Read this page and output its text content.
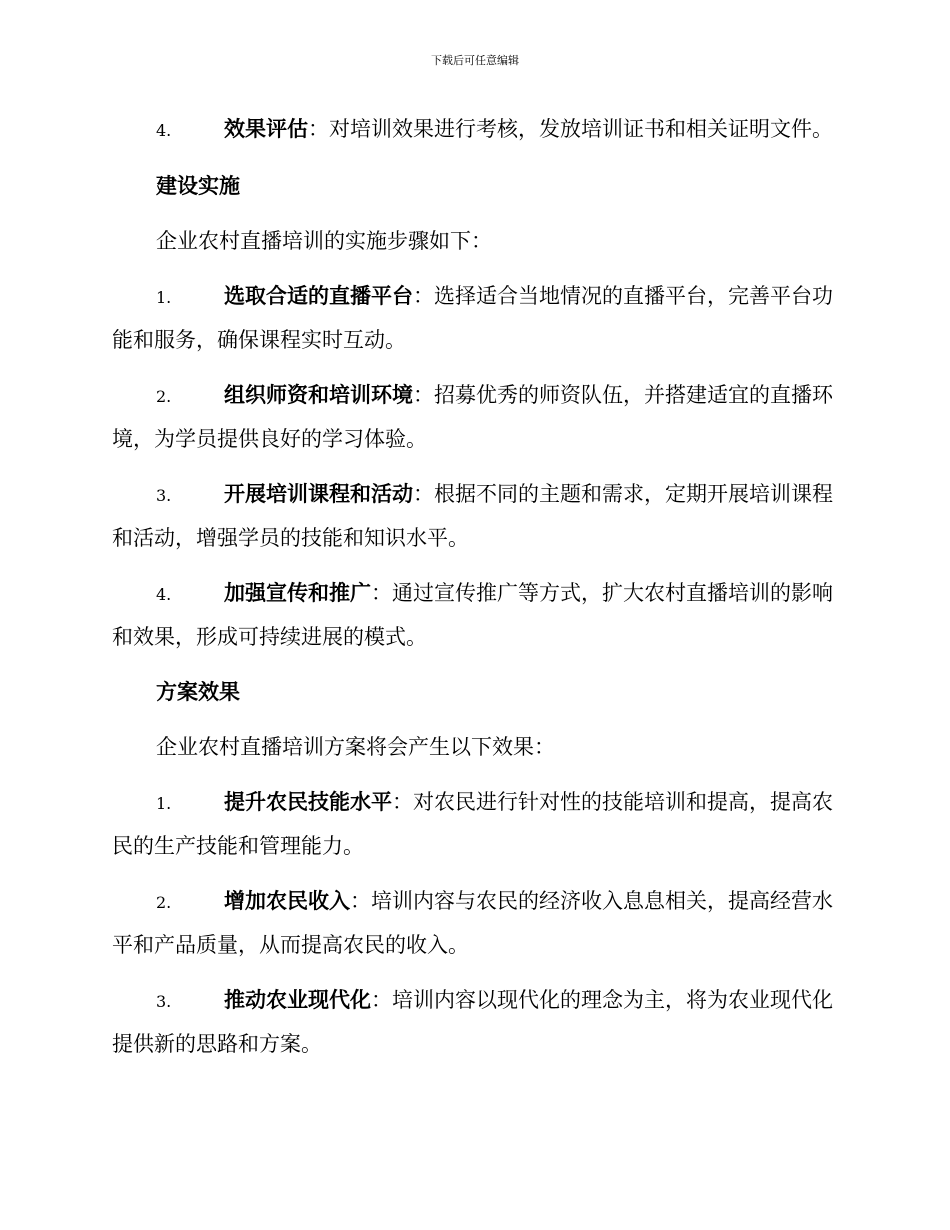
下载后可任意编辑
4.	效果评估：对培训效果进行考核，发放培训证书和相关证明文件。
建设实施
企业农村直播培训的实施步骤如下：
1.	选取合适的直播平台：选择适合当地情况的直播平台，完善平台功能和服务，确保课程实时互动。
2.	组织师资和培训环境：招募优秀的师资队伍，并搭建适宜的直播环境，为学员提供良好的学习体验。
3.	开展培训课程和活动：根据不同的主题和需求，定期开展培训课程和活动，增强学员的技能和知识水平。
4.	加强宣传和推广：通过宣传推广等方式，扩大农村直播培训的影响和效果，形成可持续进展的模式。
方案效果
企业农村直播培训方案将会产生以下效果：
1.	提升农民技能水平：对农民进行针对性的技能培训和提高，提高农民的生产技能和管理能力。
2.	增加农民收入：培训内容与农民的经济收入息息相关，提高经营水平和产品质量，从而提高农民的收入。
3.	推动农业现代化：培训内容以现代化的理念为主，将为农业现代化提供新的思路和方案。
